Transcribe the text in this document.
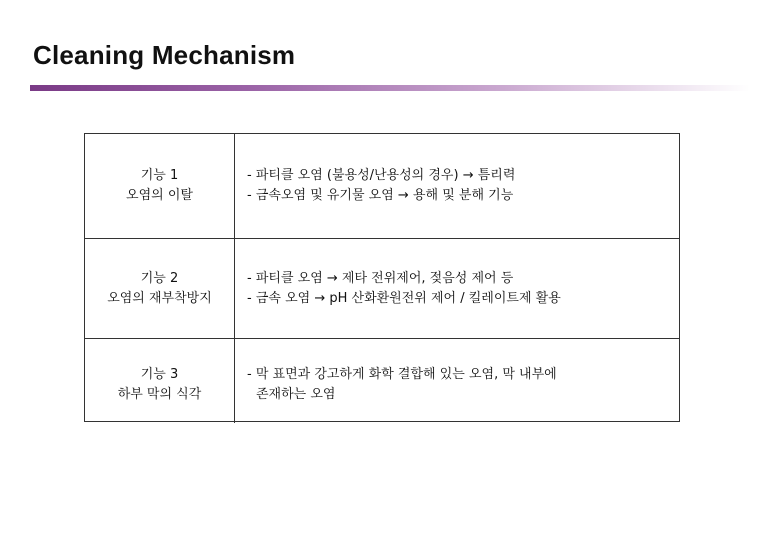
Cleaning Mechanism
기능 1
오염의 이탈
- 파티클 오염 (불용성/난용성의 경우) → 틈리력
- 금속오염 및 유기물 오염 → 용해 및 분해 기능
기능 2
오염의 재부착방지
- 파티클 오염 → 제타 전위제어, 젖음성 제어 등
- 금속 오염 → pH 산화환원전위 제어 / 킬레이트제 활용
기능 3
하부 막의 식각
- 막 표면과 강고하게 화학 결합해 있는 오염, 막 내부에
존재하는 오염
